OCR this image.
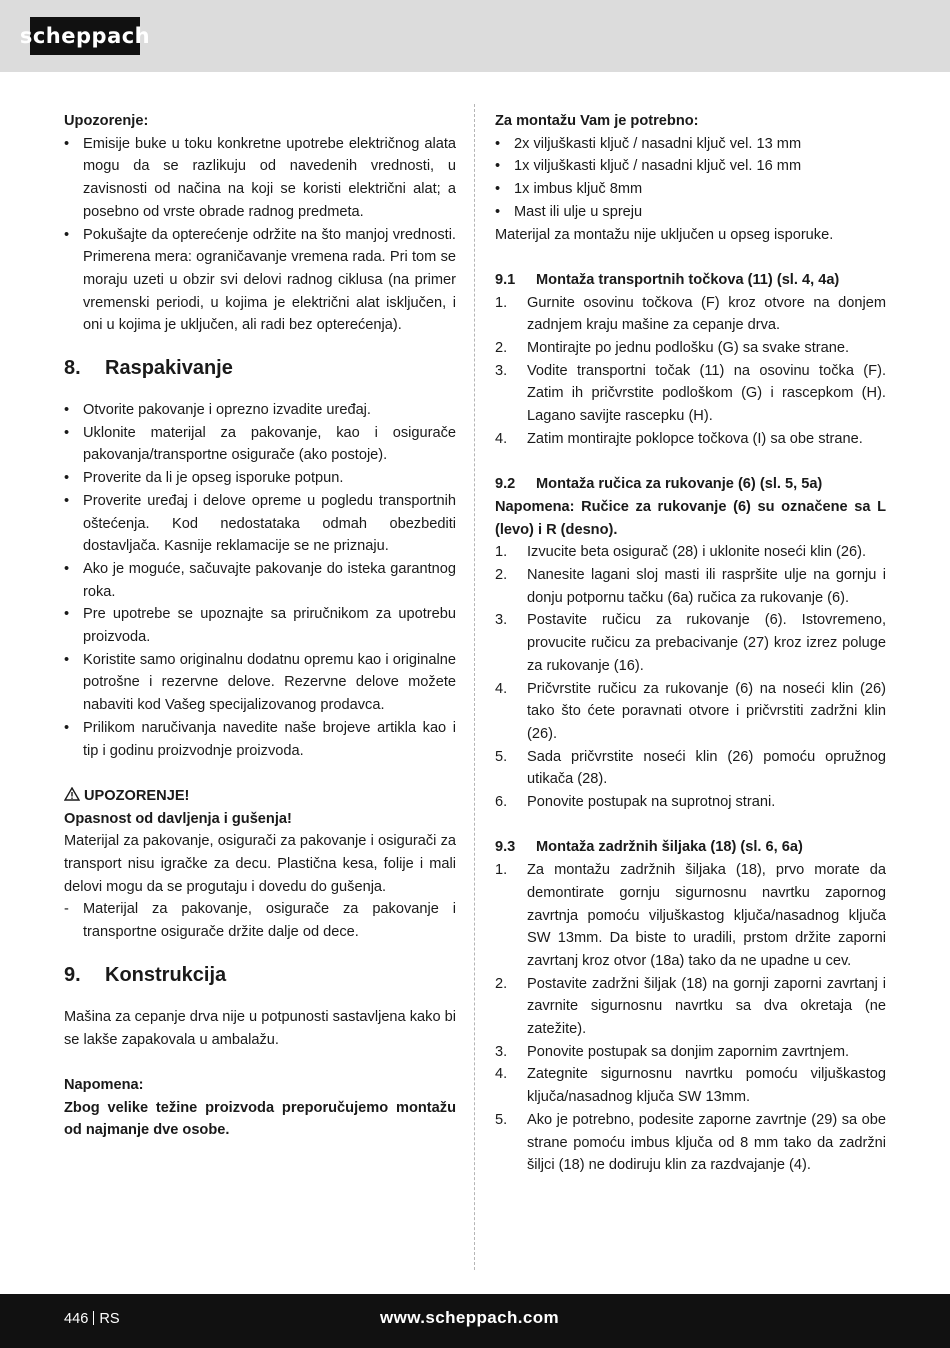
scheppach

Upozorenje:

• Emisije buke u toku konkretne upotrebe električnog alata mogu da se razlikuju od navedenih vrednosti, u zavisnosti od načina na koji se koristi električni alat; a posebno od vrste obrade radnog predmeta.
• Pokušajte da opterećenje održite na što manjoj vrednosti. Primerena mera: ograničavanje vremena rada. Pri tom se moraju uzeti u obzir svi delovi radnog ciklusa (na primer vremenski periodi, u kojima je električni alat isključen, i oni u kojima je uključen, ali radi bez opterećenja).
8. Raspakivanje
• Otvorite pakovanje i oprezno izvadite uređaj.
• Uklonite materijal za pakovanje, kao i osigurače pakovanja/transportne osigurače (ako postoje).
• Proverite da li je opseg isporuke potpun.
• Proverite uređaj i delove opreme u pogledu transportnih oštećenja. Kod nedostataka odmah obezbediti dostavljača. Kasnije reklamacije se ne priznaju.
• Ako je moguće, sačuvajte pakovanje do isteka garantnog roka.
• Pre upotrebe se upoznajte sa priručnikom za upotrebu proizvoda.
• Koristite samo originalnu dodatnu opremu kao i originalne potrošne i rezervne delove. Rezervne delove možete nabaviti kod Vašeg specijalizovanog prodavca.
• Prilikom naručivanja navedite naše brojeve artikla kao i tip i godinu proizvodnje proizvoda.

UPOZORENJE!

Opasnost od davljenja i gušenja!

Materijal za pakovanje, osigurači za pakovanje i osigurači za transport nisu igračke za decu. Plastična kesa, folije i mali delovi mogu da se progutaju i dovedu do gušenja.

- Materijal za pakovanje, osigurače za pakovanje i transportne osigurače držite dalje od dece.
9. Konstrukcija

Mašina za cepanje drva nije u potpunosti sastavljena kako bi se lakše zapakovala u ambalažu.

Napomena:

Zbog velike težine proizvoda preporučujemo montažu od najmanje dve osobe.

Za montažu Vam je potrebno:

• 2x viljuškasti ključ / nasadni ključ vel. 13 mm
• 1x viljuškasti ključ / nasadni ključ vel. 16 mm
• 1x imbus ključ 8mm
• Mast ili ulje u spreju

Materijal za montažu nije uključen u opseg isporuke.

9.1 Montaža transportnih točkova (11) (sl. 4, 4a)

1. Gurnite osovinu točkova (F) kroz otvore na donjem zadnjem kraju mašine za cepanje drva.
2. Montirajte po jednu podlošku (G) sa svake strane.
3. Vodite transportni točak (11) na osovinu točka (F). Zatim ih pričvrstite podloškom (G) i rascepkom (H). Lagano savijte rascepku (H).
4. Zatim montirajte poklopce točkova (I) sa obe strane.

9.2 Montaža ručica za rukovanje (6) (sl. 5, 5a)

Napomena: Ručice za rukovanje (6) su označene sa L (levo) i R (desno).

1. Izvucite beta osigurač (28) i uklonite noseći klin (26).
2. Nanesite lagani sloj masti ili raspršite ulje na gornju i donju potpornu tačku (6a) ručica za rukovanje (6).
3. Postavite ručicu za rukovanje (6). Istovremeno, provucite ručicu za prebacivanje (27) kroz izrez poluge za rukovanje (16).
4. Pričvrstite ručicu za rukovanje (6) na noseći klin (26) tako što ćete poravnati otvore i pričvrstiti zadržni klin (26).
5. Sada pričvrstite noseći klin (26) pomoću opružnog utikača (28).
6. Ponovite postupak na suprotnoj strani.

9.3 Montaža zadržnih šiljaka (18) (sl. 6, 6a)

1. Za montažu zadržnih šiljaka (18), prvo morate da demontirate gornju sigurnosnu navrtku zapornog zavrtnja pomoću viljuškastog ključa/nasadnog ključa SW 13mm. Da biste to uradili, prstom držite zaporni zavrtanj kroz otvor (18a) tako da ne upadne u cev.
2. Postavite zadržni šiljak (18) na gornji zaporni zavrtanj i zavrnite sigurnosnu navrtku sa dva okretaja (ne zatežite).
3. Ponovite postupak sa donjim zapornim zavrtnjem.
4. Zategnite sigurnosnu navrtku pomoću viljuškastog ključa/nasadnog ključa SW 13mm.
5. Ako je potrebno, podesite zaporne zavrtnje (29) sa obe strane pomoću imbus ključa od 8 mm tako da zadržni šiljci (18) ne dodiruju klin za razdvajanje (4).
446 RS	www.scheppach.com
